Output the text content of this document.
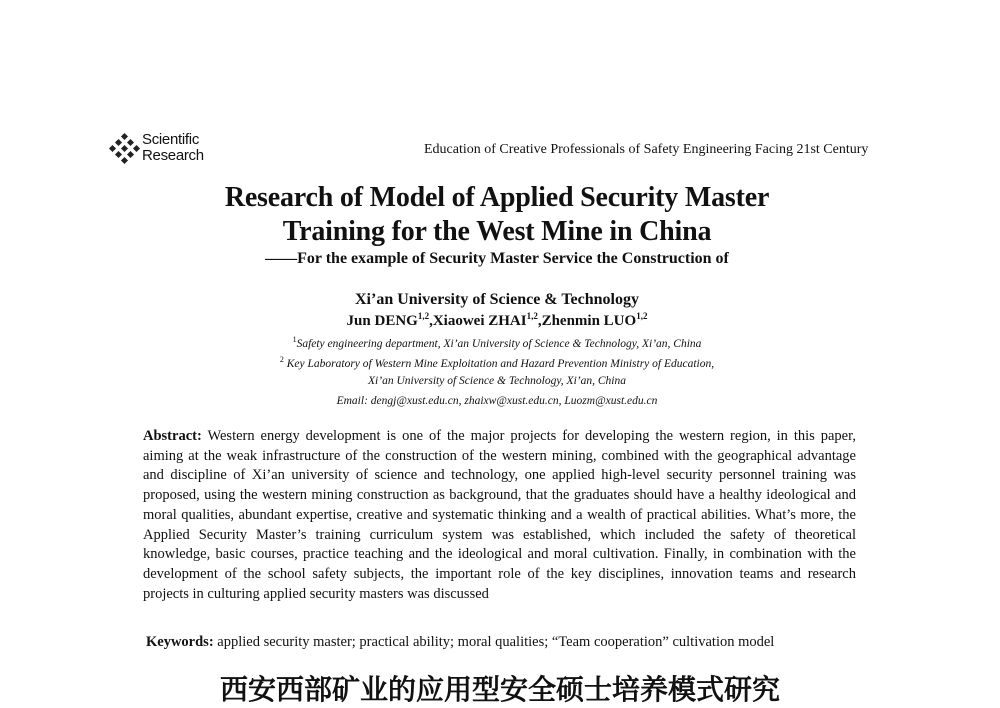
Scientific
Research	Education of Creative Professionals of Safety Engineering Facing 21st Century
Research of Model of Applied Security Master
Training for the West Mine in China
——For the example of Security Master Service the Construction of
Xi’an University of Science & Technology
Jun DENG$^{1,2}$,Xiaowei ZHAI$^{1,2}$,Zhenmin LUO$^{1,2}$
$^1$Safety engineering department, Xi’an University of Science & Technology, Xi’an, China
$^2$ Key Laboratory of Western Mine Exploitation and Hazard Prevention Ministry of Education,
Xi’an University of Science & Technology, Xi’an, China
Email: dengj@xust.edu.cn, zhaixw@xust.edu.cn, Luozm@xust.edu.cn
Abstract: Western energy development is one of the major projects for developing the western region, in this paper, aiming at the weak infrastructure of the construction of the western mining, combined with the geographical advantage and discipline of Xi’an university of science and technology, one applied high-level security personnel training was proposed, using the western mining construction as background, that the graduates should have a healthy ideological and moral qualities, abundant expertise, creative and systematic thinking and a wealth of practical abilities. What’s more, the Applied Security Master’s training curriculum system was established, which included the safety of theoretical knowledge, basic courses, practice teaching and the ideological and moral cultivation. Finally, in combination with the development of the school safety subjects, the important role of the key disciplines, innovation teams and research projects in culturing applied security masters was discussed
Keywords: applied security master; practical ability; moral qualities; “Team cooperation” cultivation model
西安西部矿业的应用型安全硕士培养模式研究
